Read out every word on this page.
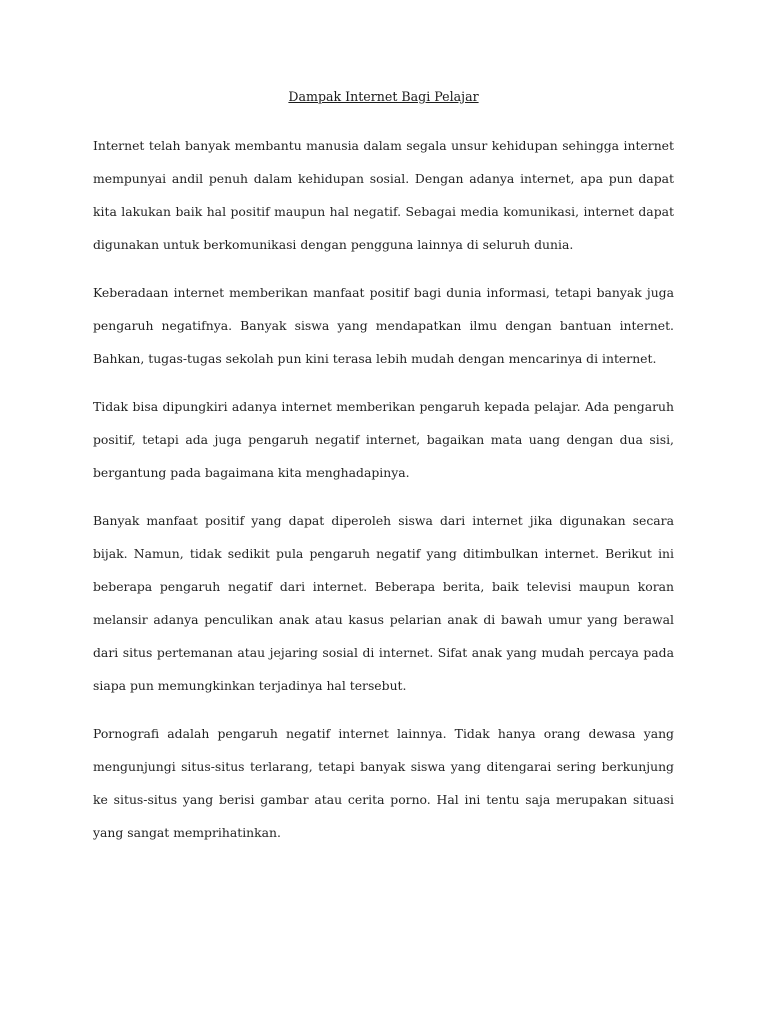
Dampak Internet Bagi Pelajar

Internet telah banyak membantu manusia dalam segala unsur kehidupan sehingga internet mempunyai andil penuh dalam kehidupan sosial. Dengan adanya internet, apa pun dapat kita lakukan baik hal positif maupun hal negatif. Sebagai media komunikasi, internet dapat digunakan untuk berkomunikasi dengan pengguna lainnya di seluruh dunia.

Keberadaan internet memberikan manfaat positif bagi dunia informasi, tetapi banyak juga pengaruh negatifnya. Banyak siswa yang mendapatkan ilmu dengan bantuan internet. Bahkan, tugas-tugas sekolah pun kini terasa lebih mudah dengan mencarinya di internet.

Tidak bisa dipungkiri adanya internet memberikan pengaruh kepada pelajar. Ada pengaruh positif, tetapi ada juga pengaruh negatif internet, bagaikan mata uang dengan dua sisi, bergantung pada bagaimana kita menghadapinya.

Banyak manfaat positif yang dapat diperoleh siswa dari internet jika digunakan secara bijak. Namun, tidak sedikit pula pengaruh negatif yang ditimbulkan internet. Berikut ini beberapa pengaruh negatif dari internet. Beberapa berita, baik televisi maupun koran melansir adanya penculikan anak atau kasus pelarian anak di bawah umur yang berawal dari situs pertemanan atau jejaring sosial di internet. Sifat anak yang mudah percaya pada siapa pun memungkinkan terjadinya hal tersebut.

Pornografi adalah pengaruh negatif internet lainnya. Tidak hanya orang dewasa yang mengunjungi situs-situs terlarang, tetapi banyak siswa yang ditengarai sering berkunjung ke situs-situs yang berisi gambar atau cerita porno. Hal ini tentu saja merupakan situasi yang sangat memprihatinkan.
